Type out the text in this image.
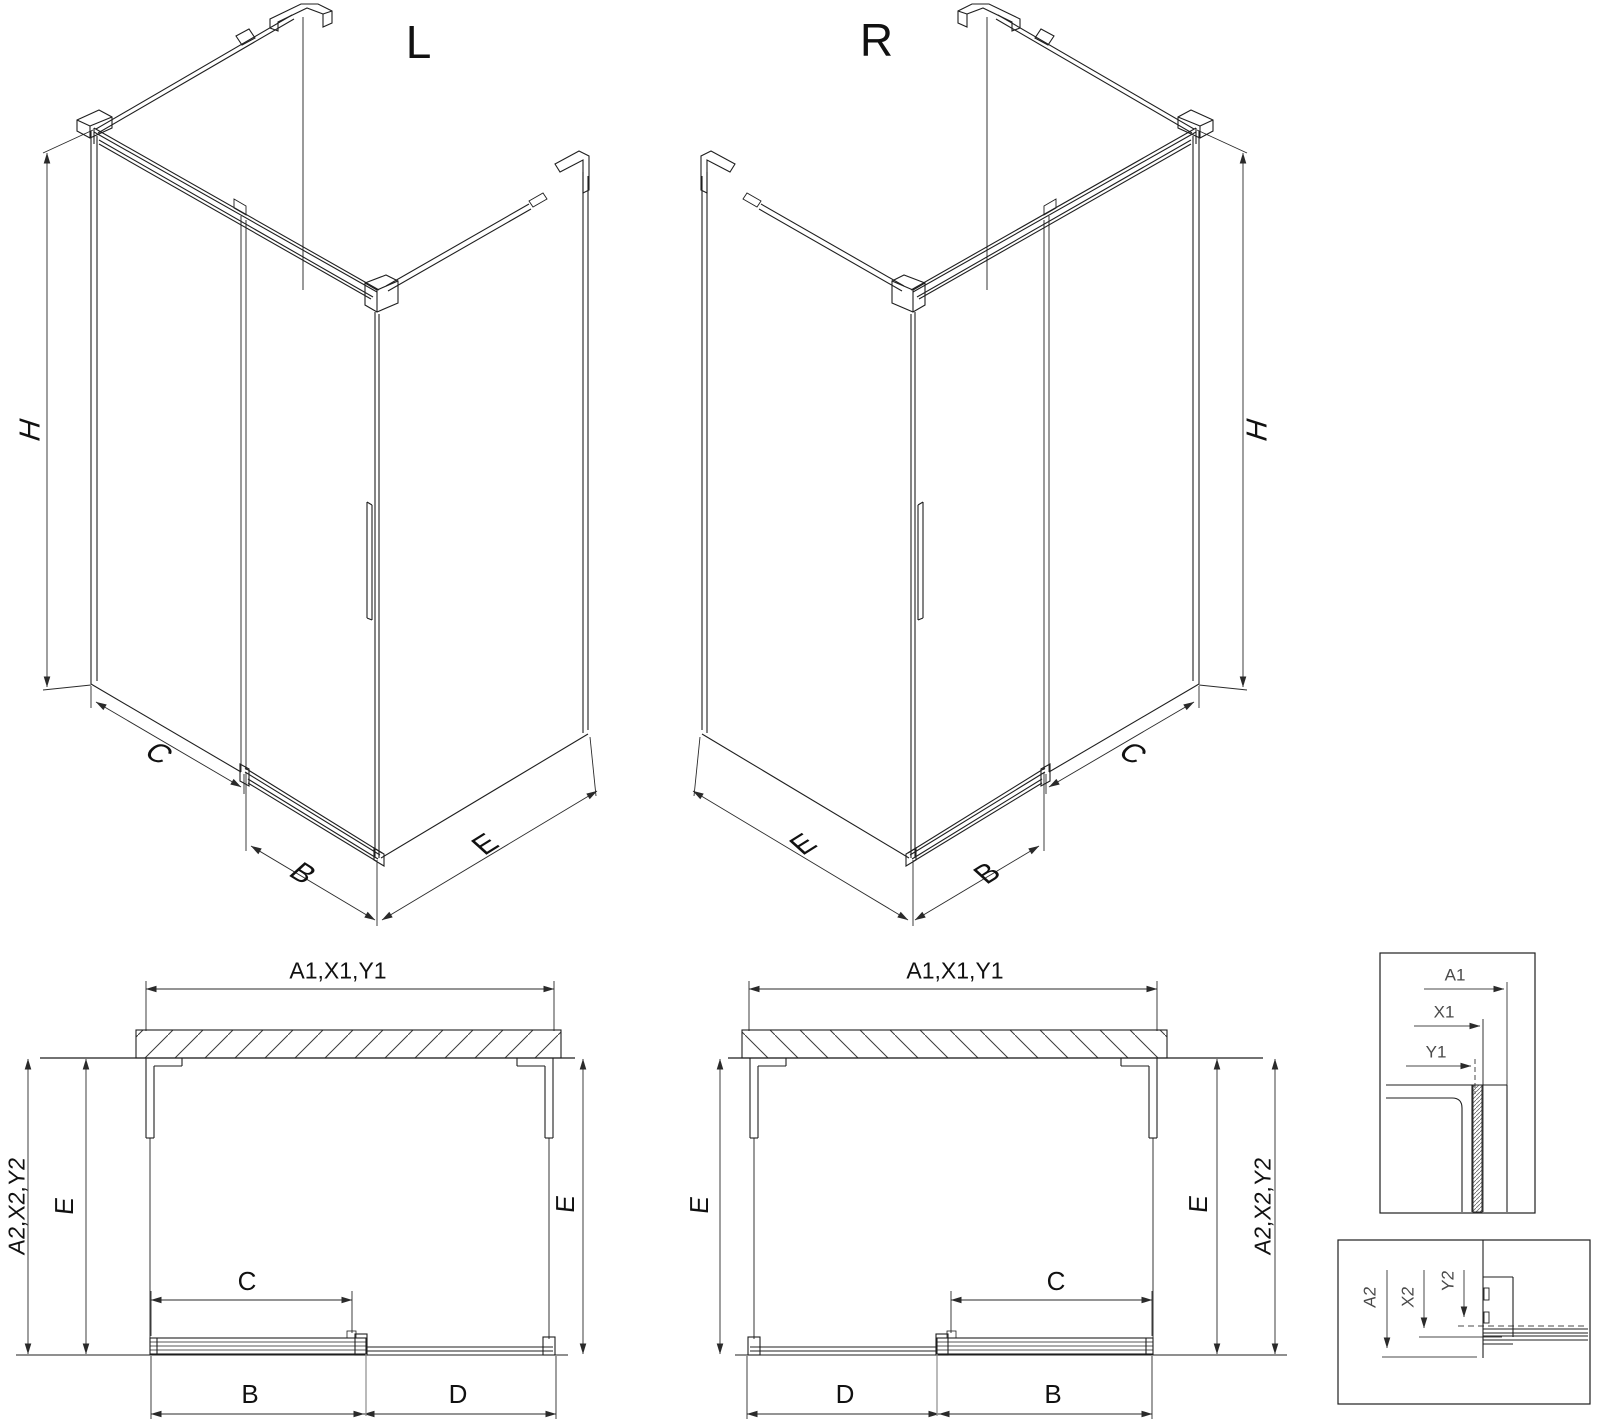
L	R
H
C
B
E
H
E
B
C
A1,X1,Y1
A2,X2,Y2 E	E
C
B	D
A1,X1,Y1
A2,X2,Y2
E
E
C
B
D
A1
X1
Y1
A2 X2
Y2
